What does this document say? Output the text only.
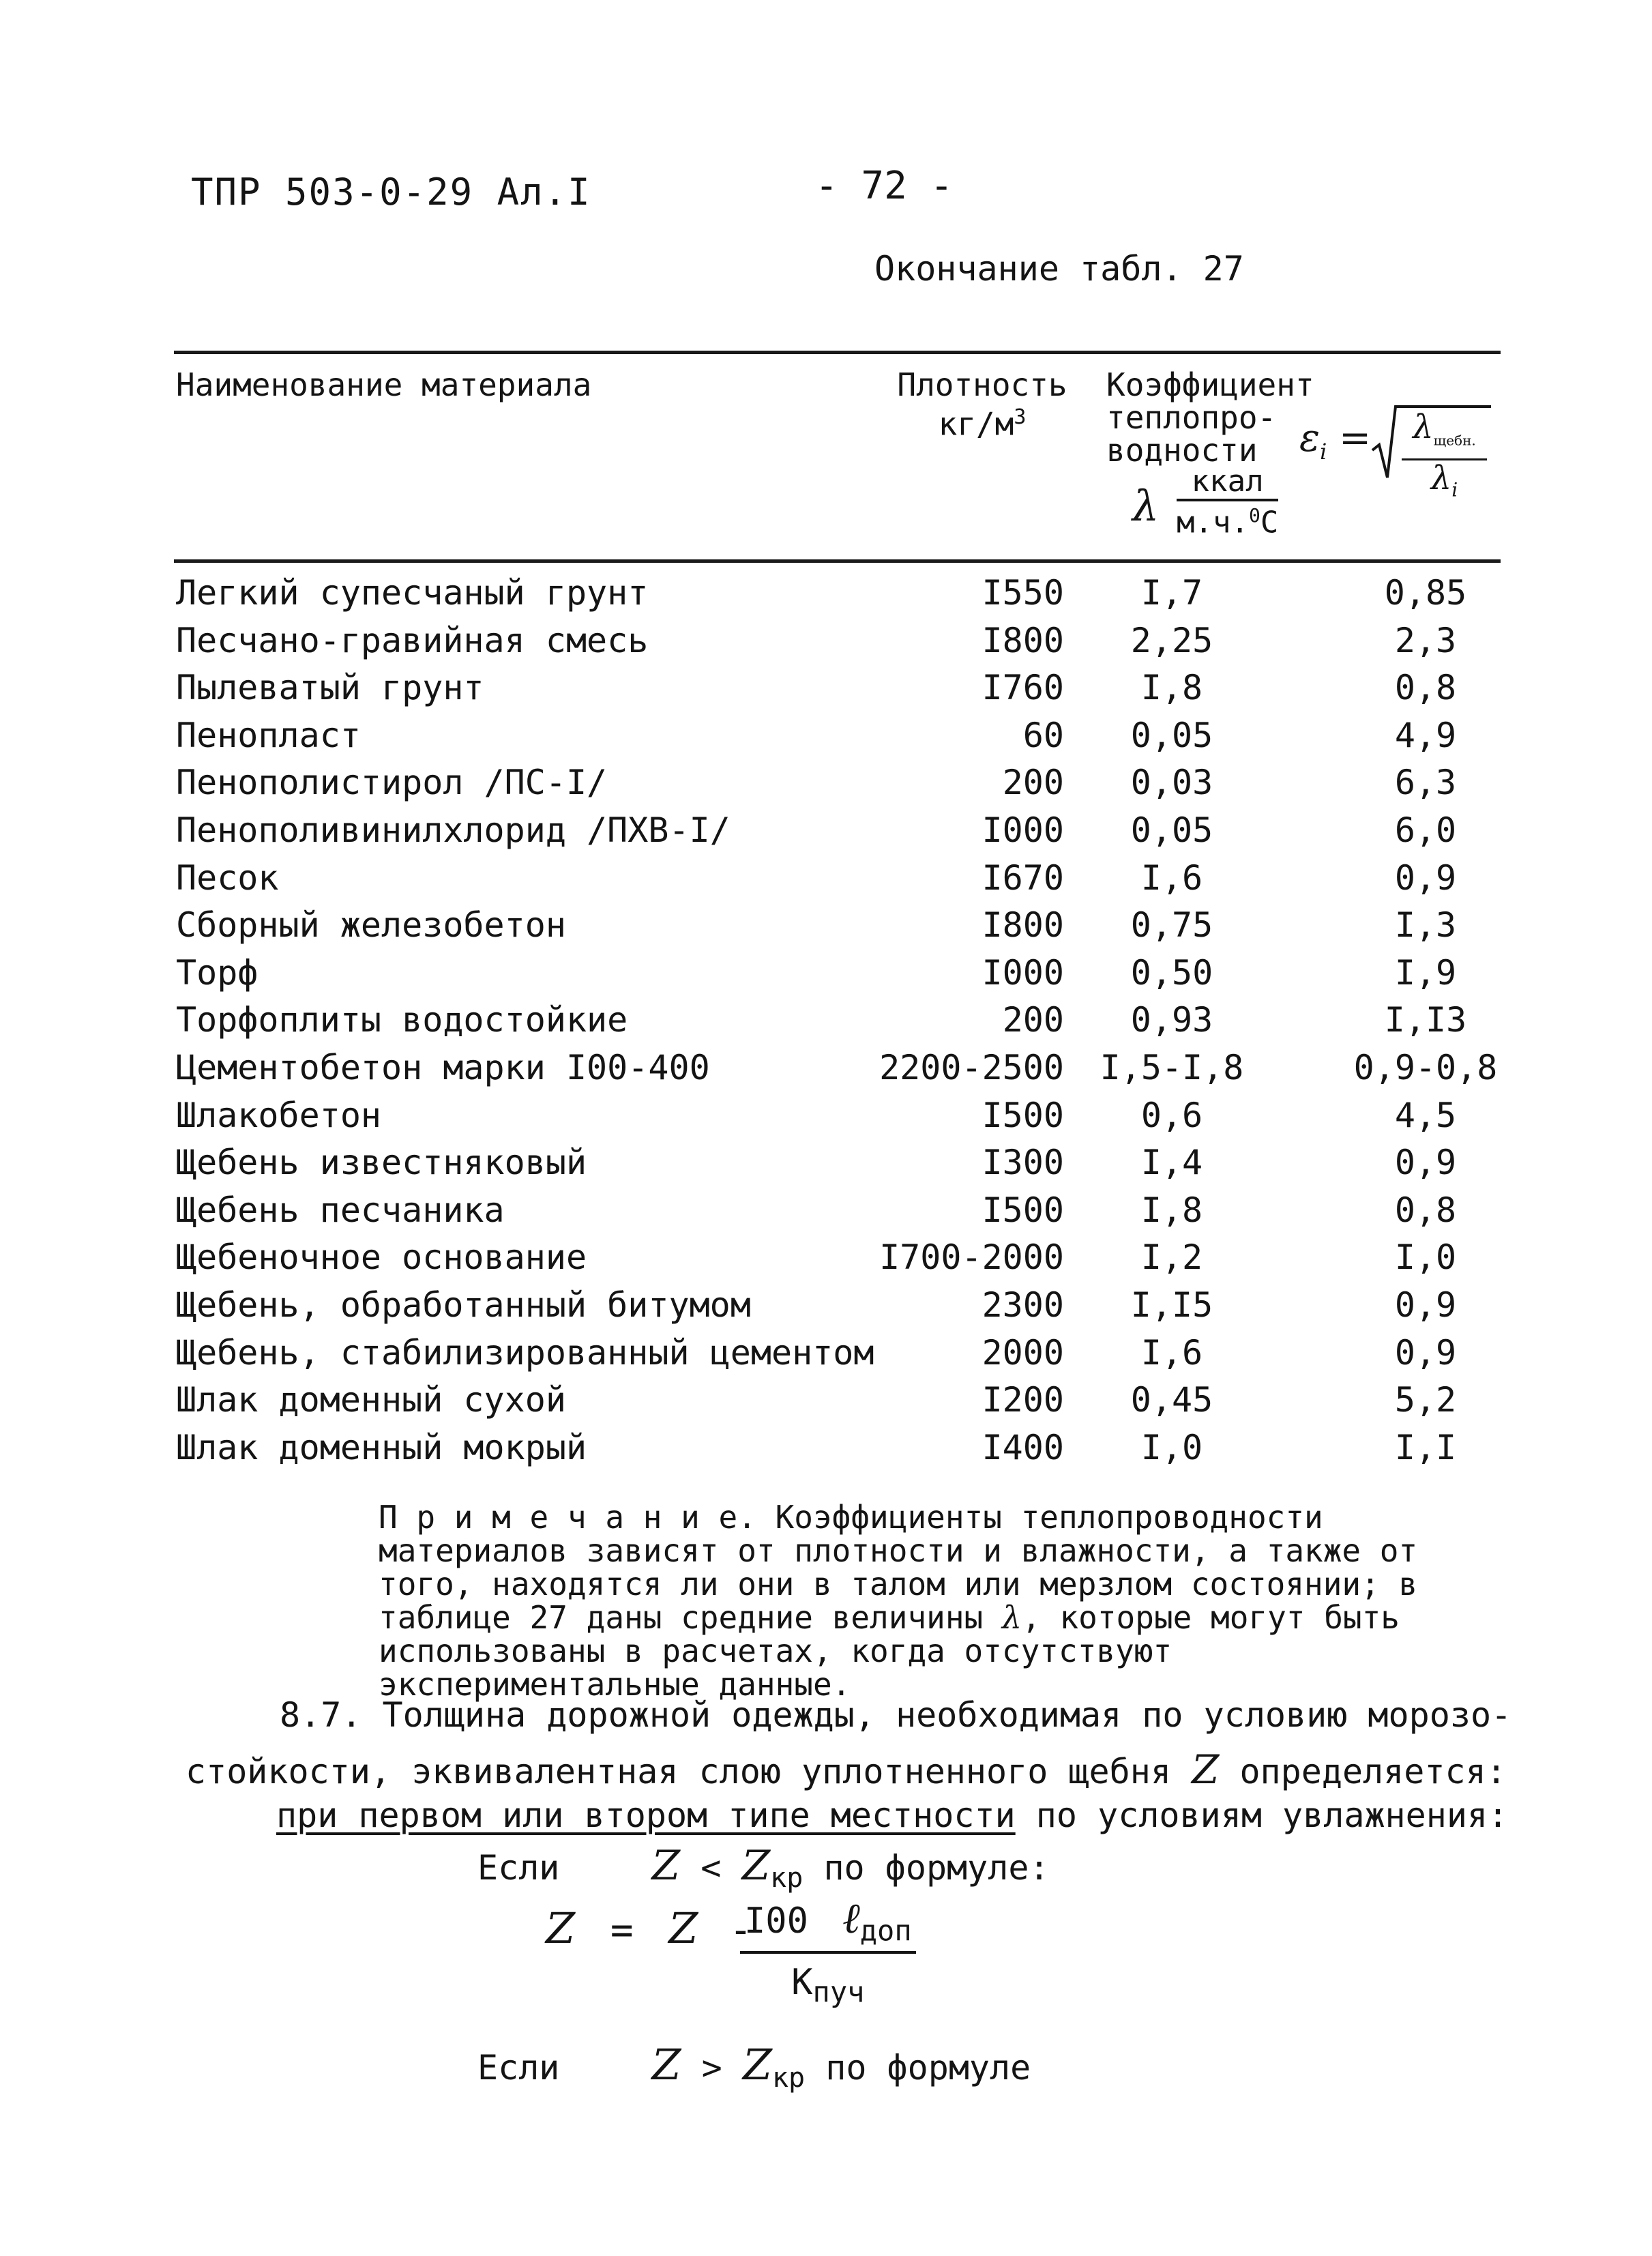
ТПР 503-0-29 Ал.I	- 72 -
Окончание табл. 27
Наименование материала	Плотность
$кг/м^3$
Коэффициент
теплопро-
водности
λ	ккал
м.ч.$^0$С
$\varepsilon_i$ =	$\lambda_{щебн.}$
$\lambda_i$
Легкий супесчаный грунт	I550 I,7	0,85
Песчано-гравийная смесь	I800 2,25	2,3
Пылеватый грунт	I760 I,8	0,8
Пеноплаcт	60 0,05	4,9
Пенополистирол /ПС-I/	200 0,03	6,3
Пенополивинилхлорид /ПХВ-I/	I000 0,05	6,0
Песок	I670 I,6	0,9
Сборный железобетон	I800 0,75	I,3
Торф	I000 0,50	I,9
Торфоплиты водостойкие	200 0,93	I,I3
Цементобетон марки I00-400	2200-2500 I,5-I,8	0,9-0,8
Шлакобетон	I500 0,6	4,5
Щебень известняковый	I300 I,4	0,9
Щебень песчаника	I500 I,8	0,8
Щебеночное основание	I700-2000 I,2	I,0
Щебень, обработанный битумом	2300 I,I5	0,9
Щебень, стабилизированный цементом	2000 I,6	0,9
Шлак доменный сухой	I200 0,45	5,2
Шлак доменный мокрый	I400 I,0	I,I
П р и м е ч а н и е. Коэффициенты теплопроводности материалов зависят от плотности и влажности, а также от того, находятся ли они в талом или мерзлом состоянии; в таблице 27 даны средние величины λ, которые могут быть использованы в расчетах, когда отсутствуют экспериментальные данные.
8.7. Толщина дорожной одежды, необходимая по условию морозо-
стойкости, эквивалентная слою уплотненного щебня Z определяется:
при первом или втором типе местности по условиям увлажнения:
Если $Z < Z_{кр}$ по формуле:
Z = Z -
I00 ℓ$_{доп}$
$К_{пуч}$
Если $Z > Z_{кр}$ по формуле
